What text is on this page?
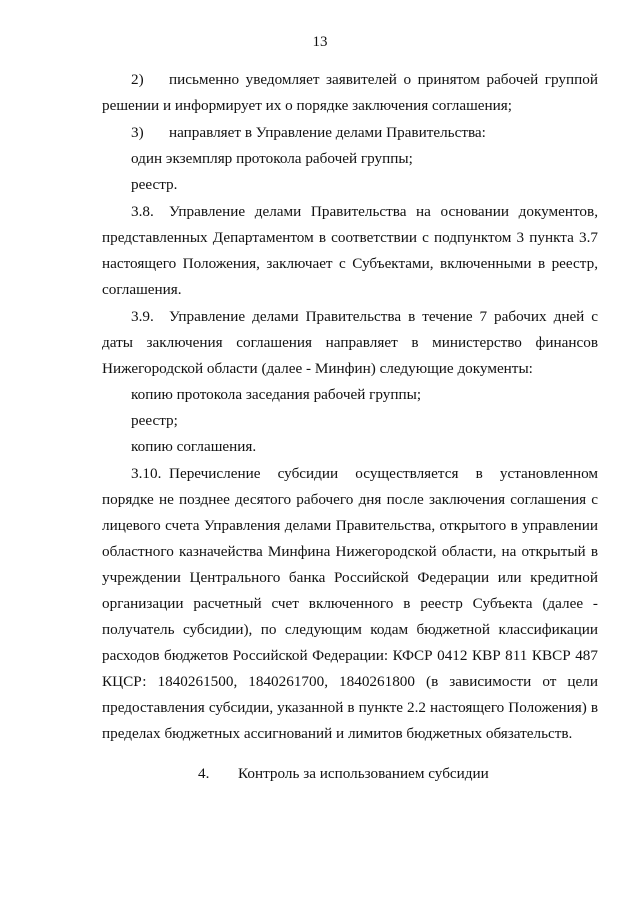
13
2) письменно уведомляет заявителей о принятом рабочей группой
решении и информирует их о порядке заключения соглашения;
3) направляет в Управление делами Правительства:
один экземпляр протокола рабочей группы;
реестр.
3.8. Управление делами Правительства на основании документов,
представленных Департаментом в соответствии с подпунктом 3 пункта 3.7
настоящего Положения, заключает с Субъектами, включенными в реестр,
соглашения.
3.9. Управление делами Правительства в течение 7 рабочих дней с
даты заключения соглашения направляет в министерство финансов
Нижегородской области (далее - Минфин) следующие документы:
копию протокола заседания рабочей группы;
реестр;
копию соглашения.
3.10. Перечисление субсидии осуществляется в установленном
порядке не позднее десятого рабочего дня после заключения соглашения с
лицевого счета Управления делами Правительства, открытого в управлении
областного казначейства Минфина Нижегородской области, на открытый в
учреждении Центрального банка Российской Федерации или кредитной
организации расчетный счет включенного в реестр Субъекта (далее -
получатель субсидии), по следующим кодам бюджетной классификации
расходов бюджетов Российской Федерации: КФСР 0412 КВР 811 КВСР 487
КЦСР: 1840261500, 1840261700, 1840261800 (в зависимости от цели
предоставления субсидии, указанной в пункте 2.2 настоящего Положения) в
пределах бюджетных ассигнований и лимитов бюджетных обязательств.
4. Контроль за использованием субсидии
